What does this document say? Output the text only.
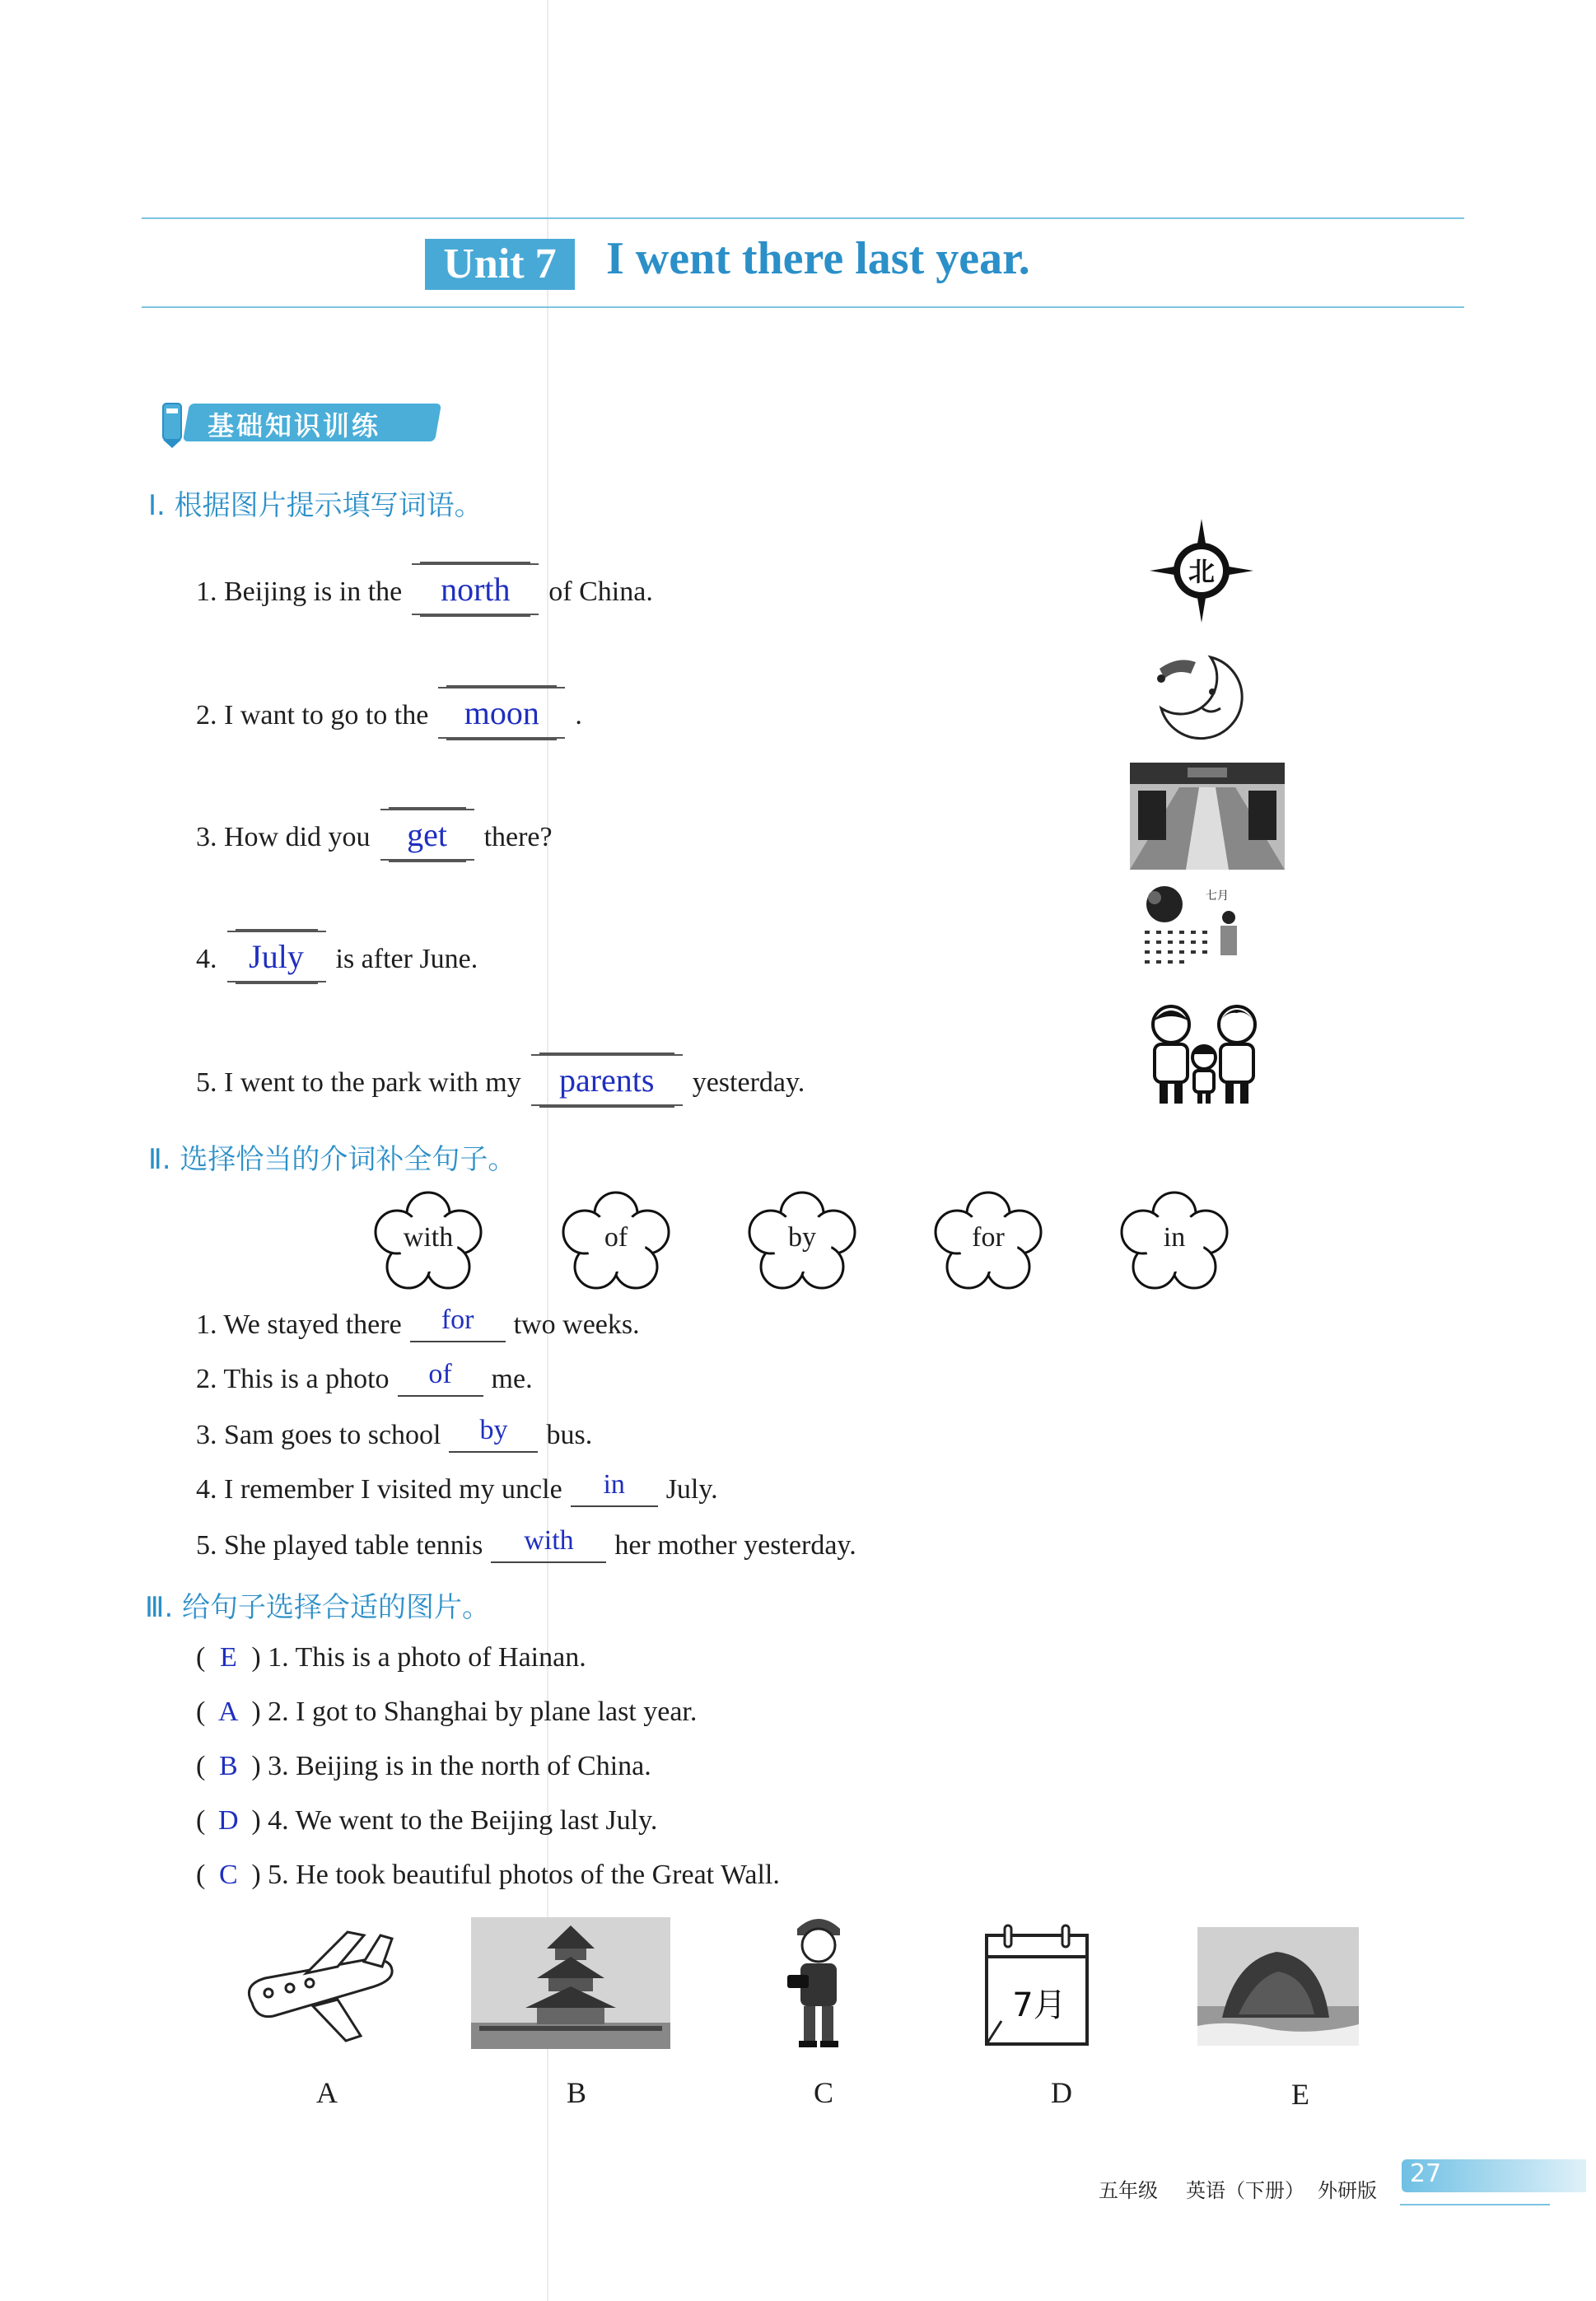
Unit 7	I went there last year.
基础知识训练
Ⅰ. 根据图片提示填写词语。
1. Beijing is in the north of China.
2. I want to go to the moon .
3. How did you get there?
4. July is after June.
5. I went to the park with my parents yesterday.
北
七月
Ⅱ. 选择恰当的介词补全句子。
with	of	by	for	in
1. We stayed there for two weeks.
2. This is a photo of me.
3. Sam goes to school by bus.
4. I remember I visited my uncle in July.
5. She played table tennis with her mother yesterday.
Ⅲ. 给句子选择合适的图片。
( E ) 1. This is a photo of Hainan.
( A ) 2. I got to Shanghai by plane last year.
( B ) 3. Beijing is in the north of China.
( D ) 4. We went to the Beijing last July.
( C ) 5. He took beautiful photos of the Great Wall.
7月
A	B	C	D	E
五年级 英语（下册） 外研版
27
